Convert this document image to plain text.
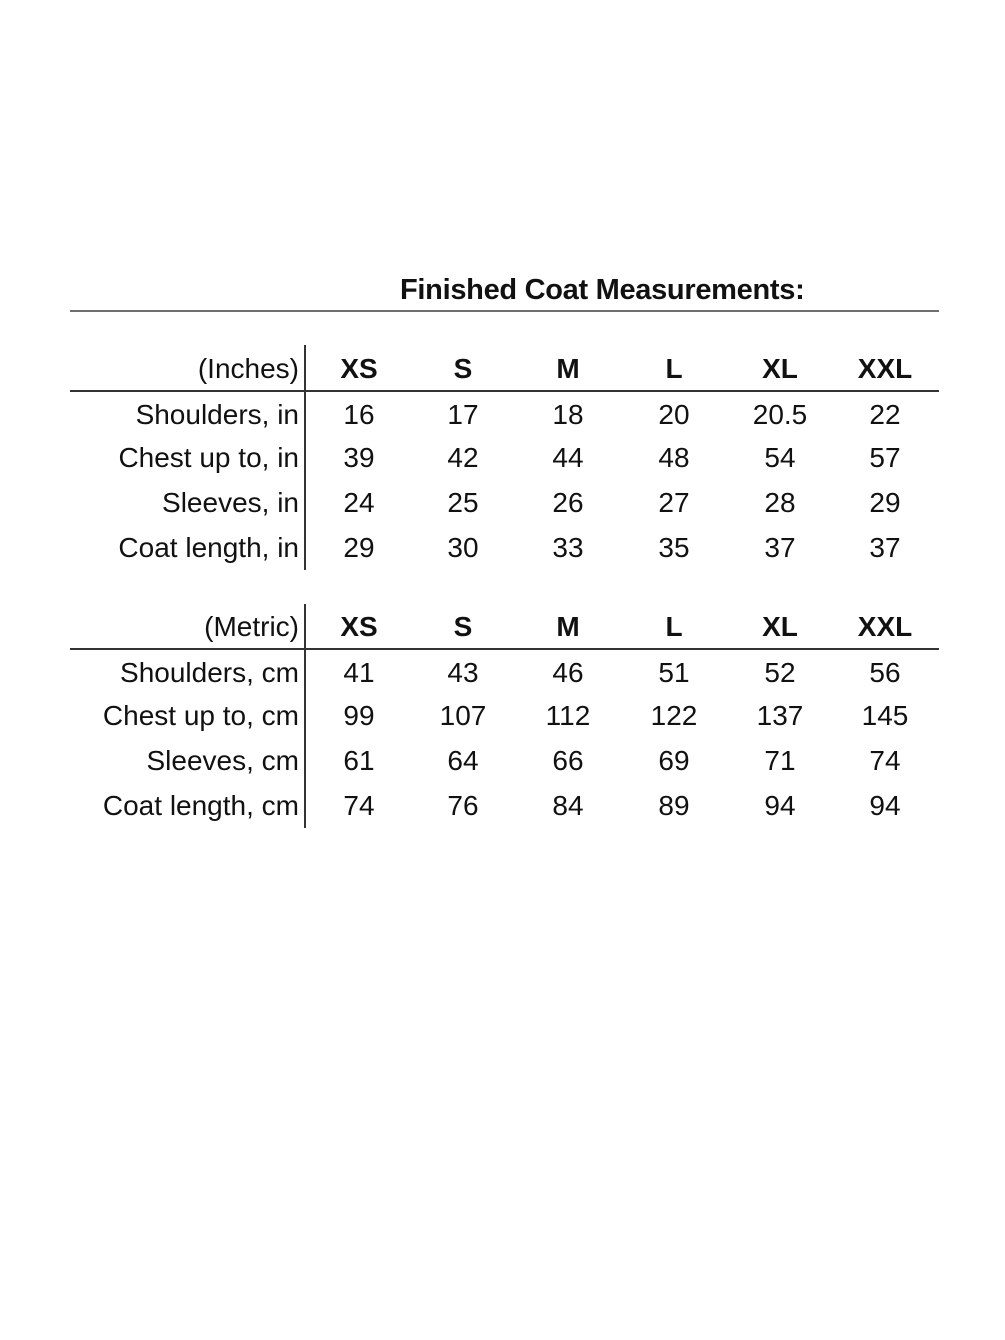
Finished Coat Measurements:
(Inches)	XS	S	M	L	XL	XXL
Shoulders, in	16	17	18	20	20.5	22
Chest up to, in	39	42	44	48	54	57
Sleeves, in	24	25	26	27	28	29
Coat length, in	29	30	33	35	37	37
(Metric)	XS	S	M	L	XL	XXL
Shoulders, cm	41	43	46	51	52	56
Chest up to, cm	99	107	112	122	137	145
Sleeves, cm	61	64	66	69	71	74
Coat length, cm	74	76	84	89	94	94
